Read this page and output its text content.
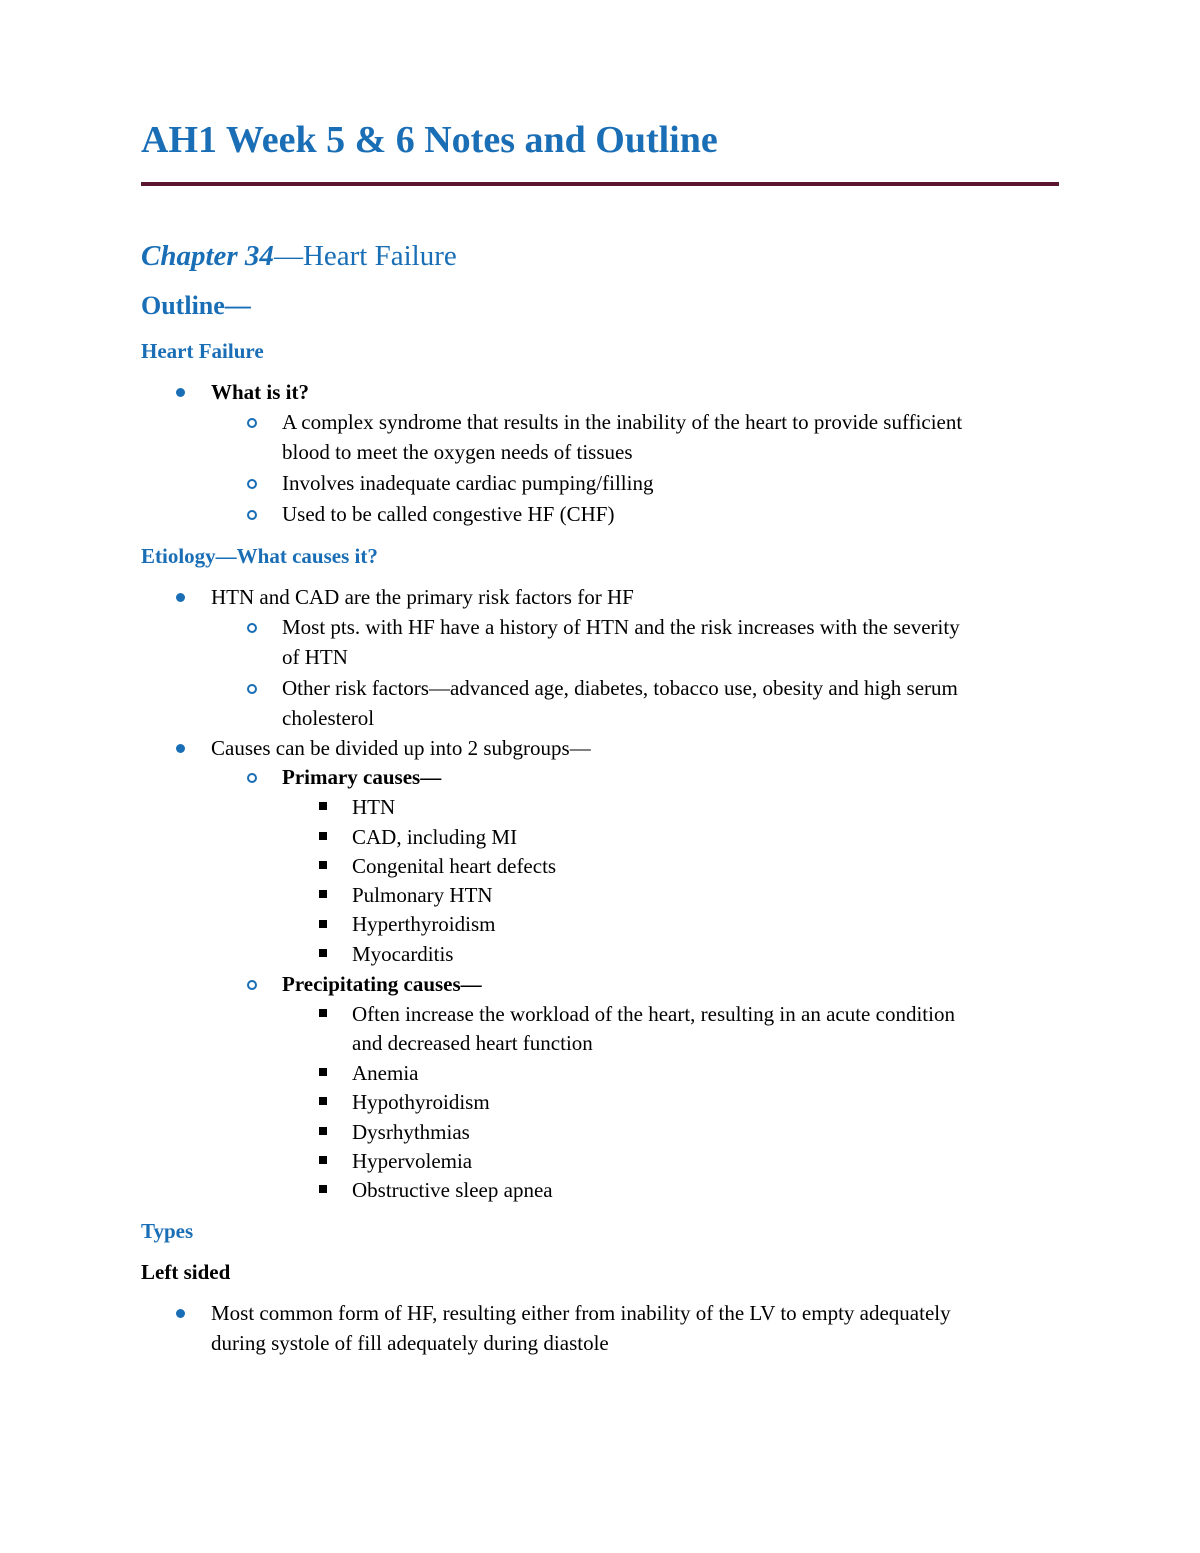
AH1 Week 5 & 6 Notes and Outline
Chapter 34—Heart Failure
Outline—
Heart Failure
What is it?
A complex syndrome that results in the inability of the heart to provide sufficient
blood to meet the oxygen needs of tissues
Involves inadequate cardiac pumping/filling
Used to be called congestive HF (CHF)
Etiology—What causes it?
HTN and CAD are the primary risk factors for HF
Most pts. with HF have a history of HTN and the risk increases with the severity
of HTN
Other risk factors—advanced age, diabetes, tobacco use, obesity and high serum
cholesterol
Causes can be divided up into 2 subgroups—
Primary causes—
HTN
CAD, including MI
Congenital heart defects
Pulmonary HTN
Hyperthyroidism
Myocarditis
Precipitating causes—
Often increase the workload of the heart, resulting in an acute condition
and decreased heart function
Anemia
Hypothyroidism
Dysrhythmias
Hypervolemia
Obstructive sleep apnea
Types
Left sided
Most common form of HF, resulting either from inability of the LV to empty adequately
during systole of fill adequately during diastole
